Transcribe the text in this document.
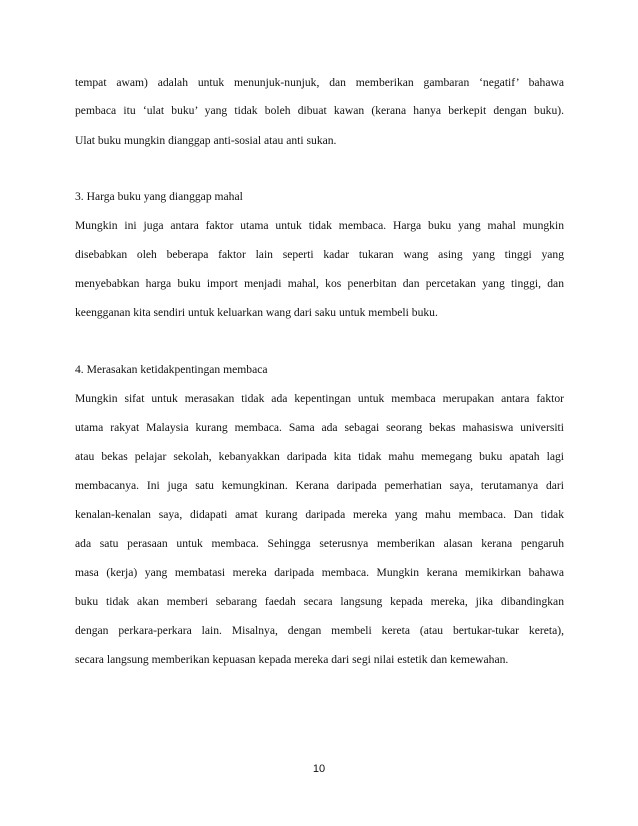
tempat awam) adalah untuk menunjuk-nunjuk, dan memberikan gambaran ‘negatif’ bahawa
pembaca itu ‘ulat buku’ yang tidak boleh dibuat kawan (kerana hanya berkepit dengan buku).
Ulat buku mungkin dianggap anti-sosial atau anti sukan.
3. Harga buku yang dianggap mahal
Mungkin ini juga antara faktor utama untuk tidak membaca. Harga buku yang mahal mungkin
disebabkan oleh beberapa faktor lain seperti kadar tukaran wang asing yang tinggi yang
menyebabkan harga buku import menjadi mahal, kos penerbitan dan percetakan yang tinggi, dan
keengganan kita sendiri untuk keluarkan wang dari saku untuk membeli buku.
4. Merasakan ketidakpentingan membaca
Mungkin sifat untuk merasakan tidak ada kepentingan untuk membaca merupakan antara faktor
utama rakyat Malaysia kurang membaca. Sama ada sebagai seorang bekas mahasiswa universiti
atau bekas pelajar sekolah, kebanyakkan daripada kita tidak mahu memegang buku apatah lagi
membacanya. Ini juga satu kemungkinan. Kerana daripada pemerhatian saya, terutamanya dari
kenalan-kenalan saya, didapati amat kurang daripada mereka yang mahu membaca. Dan tidak
ada satu perasaan untuk membaca. Sehingga seterusnya memberikan alasan kerana pengaruh
masa (kerja) yang membatasi mereka daripada membaca. Mungkin kerana memikirkan bahawa
buku tidak akan memberi sebarang faedah secara langsung kepada mereka, jika dibandingkan
dengan perkara-perkara lain. Misalnya, dengan membeli kereta (atau bertukar-tukar kereta),
secara langsung memberikan kepuasan kepada mereka dari segi nilai estetik dan kemewahan.
10
